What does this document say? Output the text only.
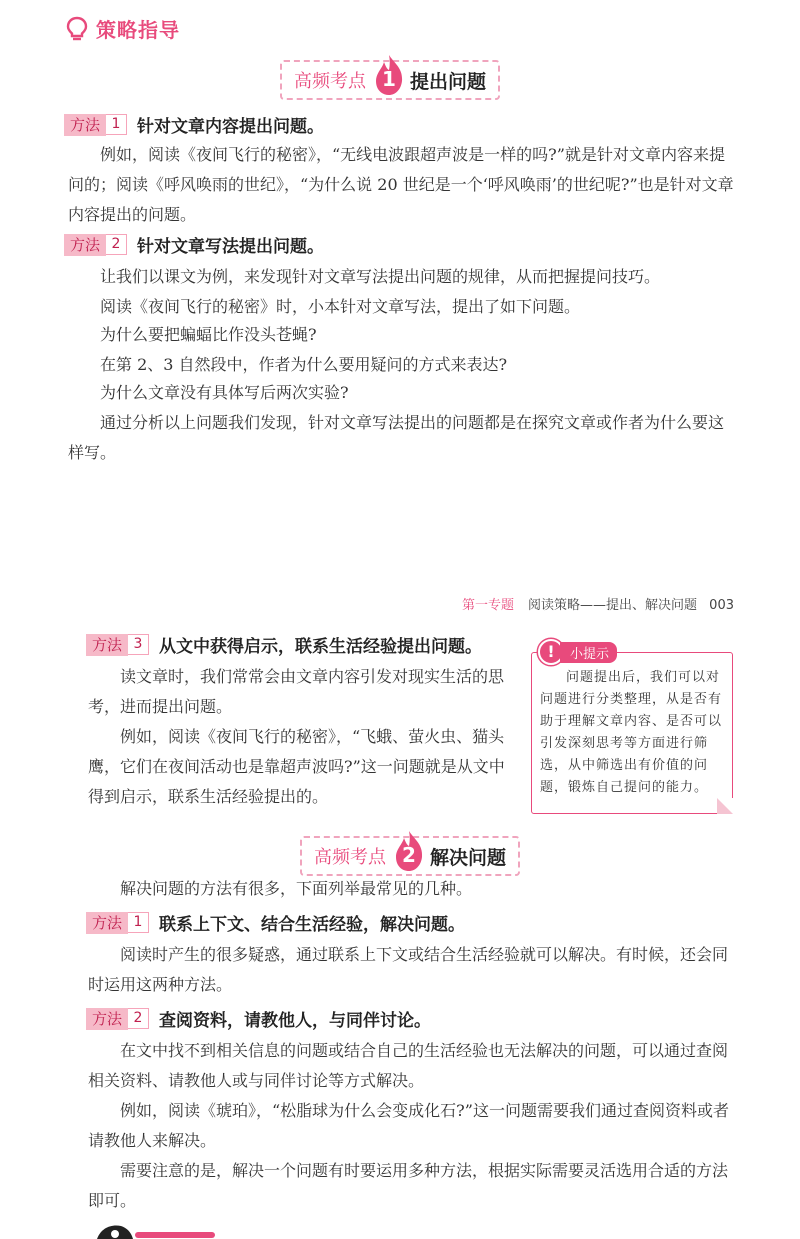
策略指导
高频考点 1 提出问题
方法 1 针对文章内容提出问题。
例如，阅读《夜间飞行的秘密》，“无线电波跟超声波是一样的吗?”就是针对文章内容来提问的；阅读《呼风唤雨的世纪》，“为什么说 20 世纪是一个‘呼风唤雨’的世纪呢?”也是针对文章内容提出的问题。
方法 2 针对文章写法提出问题。
让我们以课文为例，来发现针对文章写法提出问题的规律，从而把握提问技巧。
阅读《夜间飞行的秘密》时，小本针对文章写法，提出了如下问题。
为什么要把蝙蝠比作没头苍蝇?
在第 2、3 自然段中，作者为什么要用疑问的方式来表达?
为什么文章没有具体写后两次实验?
通过分析以上问题我们发现，针对文章写法提出的问题都是在探究文章或作者为什么要这样写。
第一专题 阅读策略——提出、解决问题 003
方法 3 从文中获得启示，联系生活经验提出问题。
读文章时，我们常常会由文章内容引发对现实生活的思考，进而提出问题。
例如，阅读《夜间飞行的秘密》，“飞蛾、萤火虫、猫头鹰，它们在夜间活动也是靠超声波吗?”这一问题就是从文中得到启示，联系生活经验提出的。
!	小提示
问题提出后，我们可以对问题进行分类整理，从是否有助于理解文章内容、是否可以引发深刻思考等方面进行筛选，从中筛选出有价值的问题，锻炼自己提问的能力。
高频考点 2 解决问题
解决问题的方法有很多，下面列举最常见的几种。
方法 1 联系上下文、结合生活经验，解决问题。
阅读时产生的很多疑惑，通过联系上下文或结合生活经验就可以解决。有时候，还会同时运用这两种方法。
方法 2 查阅资料，请教他人，与同伴讨论。
在文中找不到相关信息的问题或结合自己的生活经验也无法解决的问题，可以通过查阅相关资料、请教他人或与同伴讨论等方式解决。
例如，阅读《琥珀》，“松脂球为什么会变成化石?”这一问题需要我们通过查阅资料或者请教他人来解决。
需要注意的是，解决一个问题有时要运用多种方法，根据实际需要灵活选用合适的方法即可。
